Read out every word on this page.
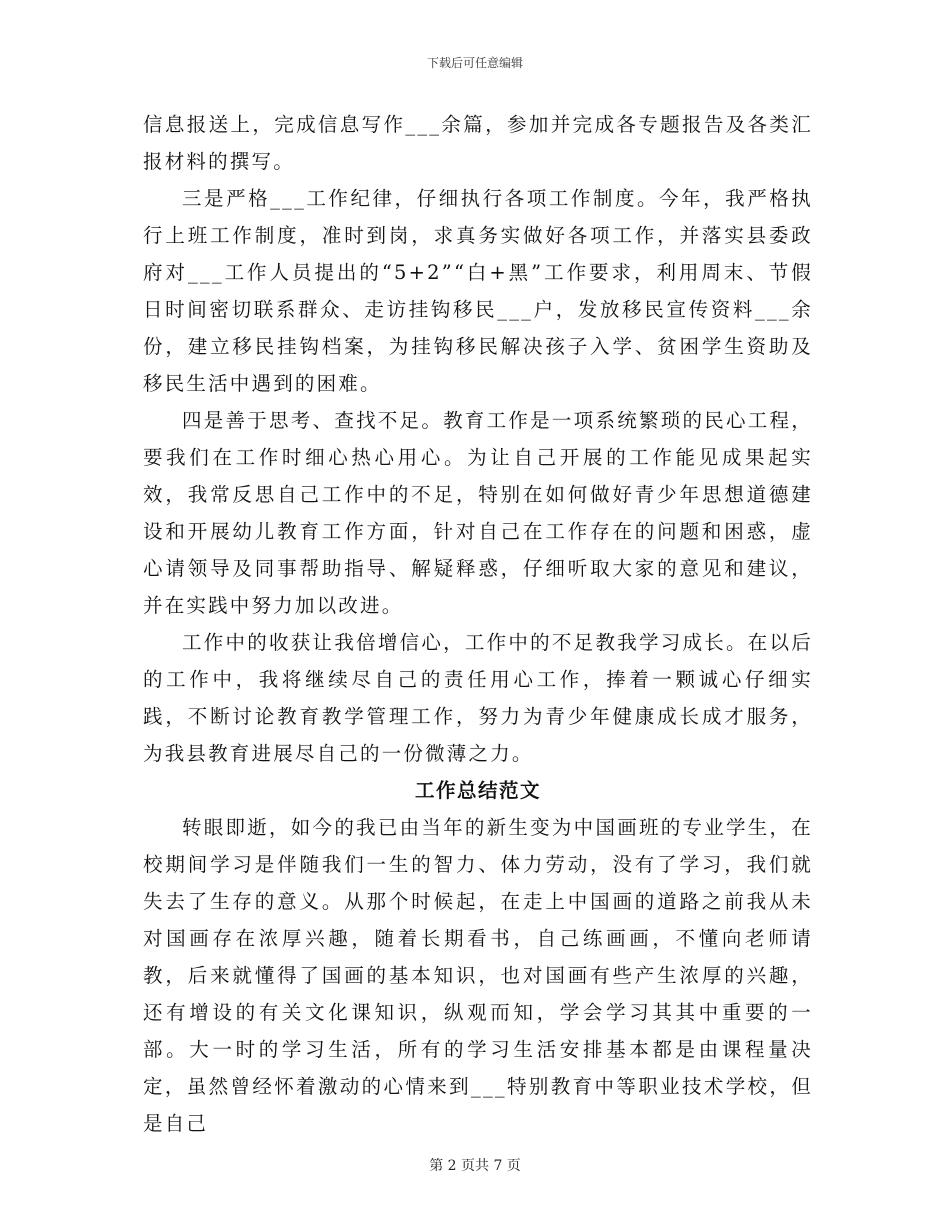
下载后可任意编辑

信息报送上，完成信息写作___余篇，参加并完成各专题报告及各类汇报材料的撰写。

三是严格___工作纪律，仔细执行各项工作制度。今年，我严格执行上班工作制度，准时到岗，求真务实做好各项工作，并落实县委政府对___工作人员提出的“5+2”“白+黑”工作要求，利用周末、节假日时间密切联系群众、走访挂钩移民___户，发放移民宣传资料___余份，建立移民挂钩档案，为挂钩移民解决孩子入学、贫困学生资助及移民生活中遇到的困难。

四是善于思考、查找不足。教育工作是一项系统繁琐的民心工程，要我们在工作时细心热心用心。为让自己开展的工作能见成果起实效，我常反思自己工作中的不足，特别在如何做好青少年思想道德建设和开展幼儿教育工作方面，针对自己在工作存在的问题和困惑，虚心请领导及同事帮助指导、解疑释惑，仔细听取大家的意见和建议，并在实践中努力加以改进。

工作中的收获让我倍增信心，工作中的不足教我学习成长。在以后的工作中，我将继续尽自己的责任用心工作，捧着一颗诚心仔细实践，不断讨论教育教学管理工作，努力为青少年健康成长成才服务，为我县教育进展尽自己的一份微薄之力。

工作总结范文

转眼即逝，如今的我已由当年的新生变为中国画班的专业学生，在校期间学习是伴随我们一生的智力、体力劳动，没有了学习，我们就失去了生存的意义。从那个时候起，在走上中国画的道路之前我从未对国画存在浓厚兴趣，随着长期看书，自己练画画，不懂向老师请教，后来就懂得了国画的基本知识，也对国画有些产生浓厚的兴趣，还有增设的有关文化课知识，纵观而知，学会学习其其中重要的一部。大一时的学习生活，所有的学习生活安排基本都是由课程量决定，虽然曾经怀着激动的心情来到___特别教育中等职业技术学校，但是自己

第 2 页共 7 页
